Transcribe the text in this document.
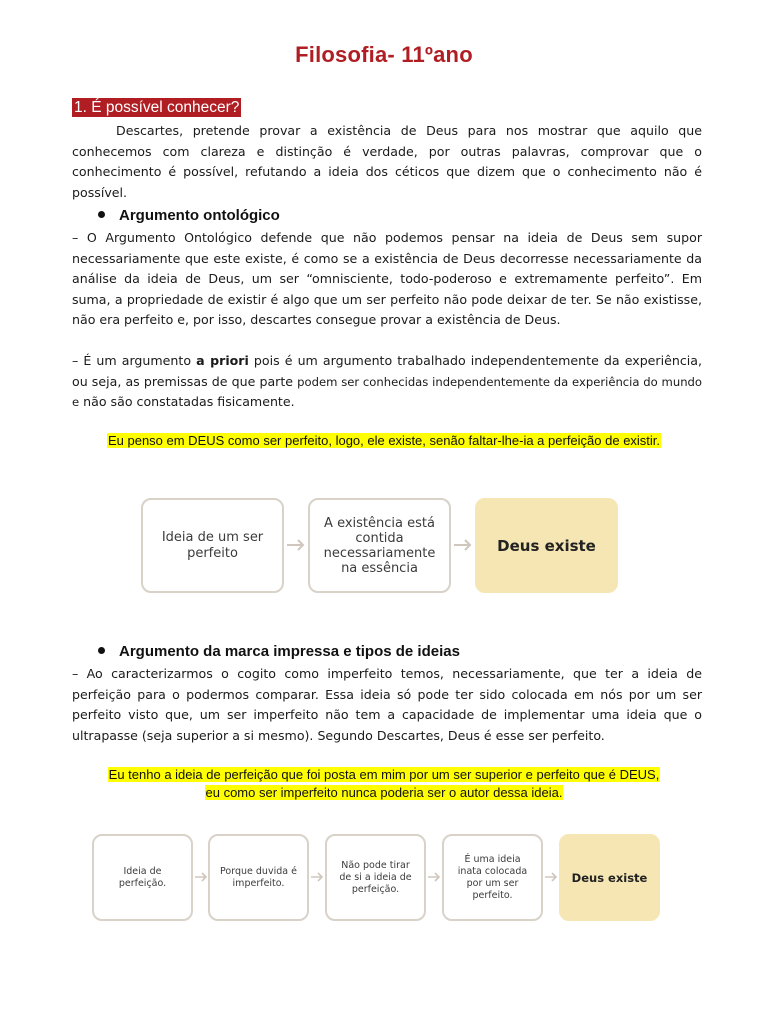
Filosofia- 11ºano
1. É possível conhecer?
Descartes, pretende provar a existência de Deus para nos mostrar que aquilo que conhecemos com clareza e distinção é verdade, por outras palavras, comprovar que o conhecimento é possível, refutando a ideia dos céticos que dizem que o conhecimento não é possível.
Argumento ontológico
– O Argumento Ontológico defende que não podemos pensar na ideia de Deus sem supor necessariamente que este existe, é como se a existência de Deus decorresse necessariamente da análise da ideia de Deus, um ser “omnisciente, todo-poderoso e extremamente perfeito”. Em suma, a propriedade de existir é algo que um ser perfeito não pode deixar de ter. Se não existisse, não era perfeito e, por isso, descartes consegue provar a existência de Deus.
– É um argumento a priori pois é um argumento trabalhado independentemente da experiência, ou seja, as premissas de que parte podem ser conhecidas independentemente da experiência do mundo e não são constatadas fisicamente.
Eu penso em DEUS como ser perfeito, logo, ele existe, senão faltar-lhe-ia a perfeição de existir.
Ideia de um ser perfeito
A existência está contida necessariamente na essência
Deus existe
Argumento da marca impressa e tipos de ideias
– Ao caracterizarmos o cogito como imperfeito temos, necessariamente, que ter a ideia de perfeição para o podermos comparar. Essa ideia só pode ter sido colocada em nós por um ser perfeito visto que, um ser imperfeito não tem a capacidade de implementar uma ideia que o ultrapasse (seja superior a si mesmo). Segundo Descartes, Deus é esse ser perfeito.
Eu tenho a ideia de perfeição que foi posta em mim por um ser superior e perfeito que é DEUS,
eu como ser imperfeito nunca poderia ser o autor dessa ideia.
Ideia de perfeição.
Porque duvida é imperfeito.
Não pode tirar de si a ideia de perfeição.
É uma ideia inata colocada por um ser perfeito.
Deus existe
